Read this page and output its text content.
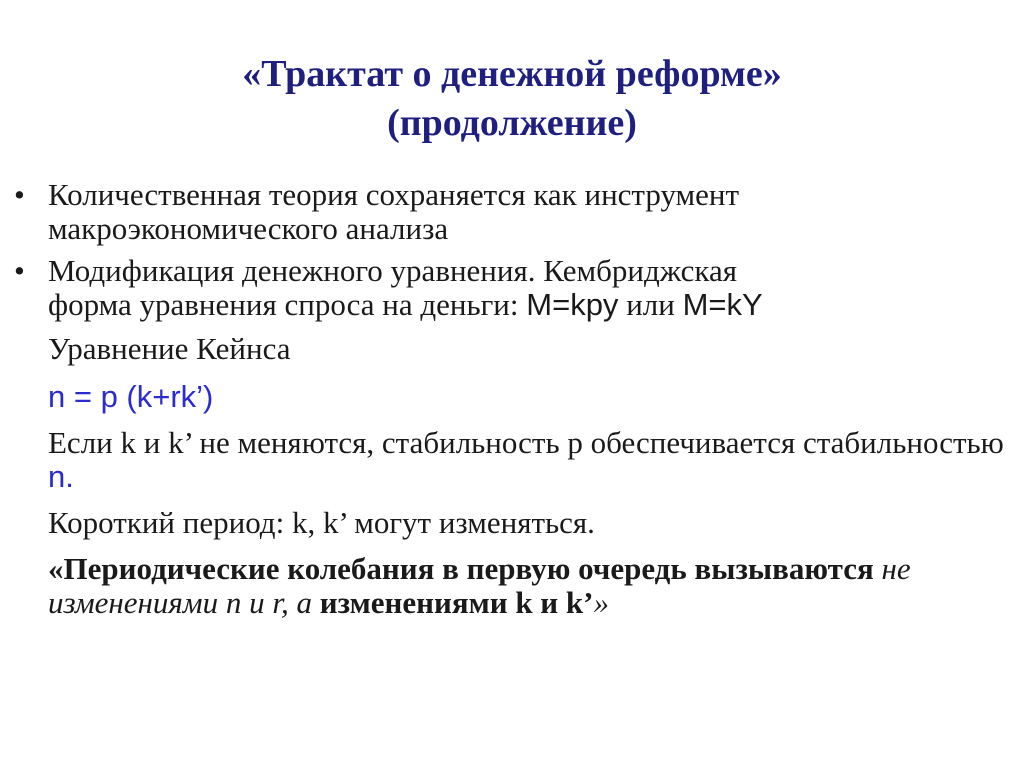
«Трактат о денежной реформе»
(продолжение)
• Количественная теория сохраняется как инструмент макроэкономического анализа
• Модификация денежного уравнения. Кембриджская
форма уравнения спроса на деньги: M=kpy или M=kY
Уравнение Кейнса
n = p (k+rk’)
Если k и k’ не меняются, стабильность р обеспечивается стабильностью n.
Короткий период: k, k’ могут изменяться.
«Периодические колебания в первую очередь вызываются не изменениями n и r, а изменениями k и k’»
